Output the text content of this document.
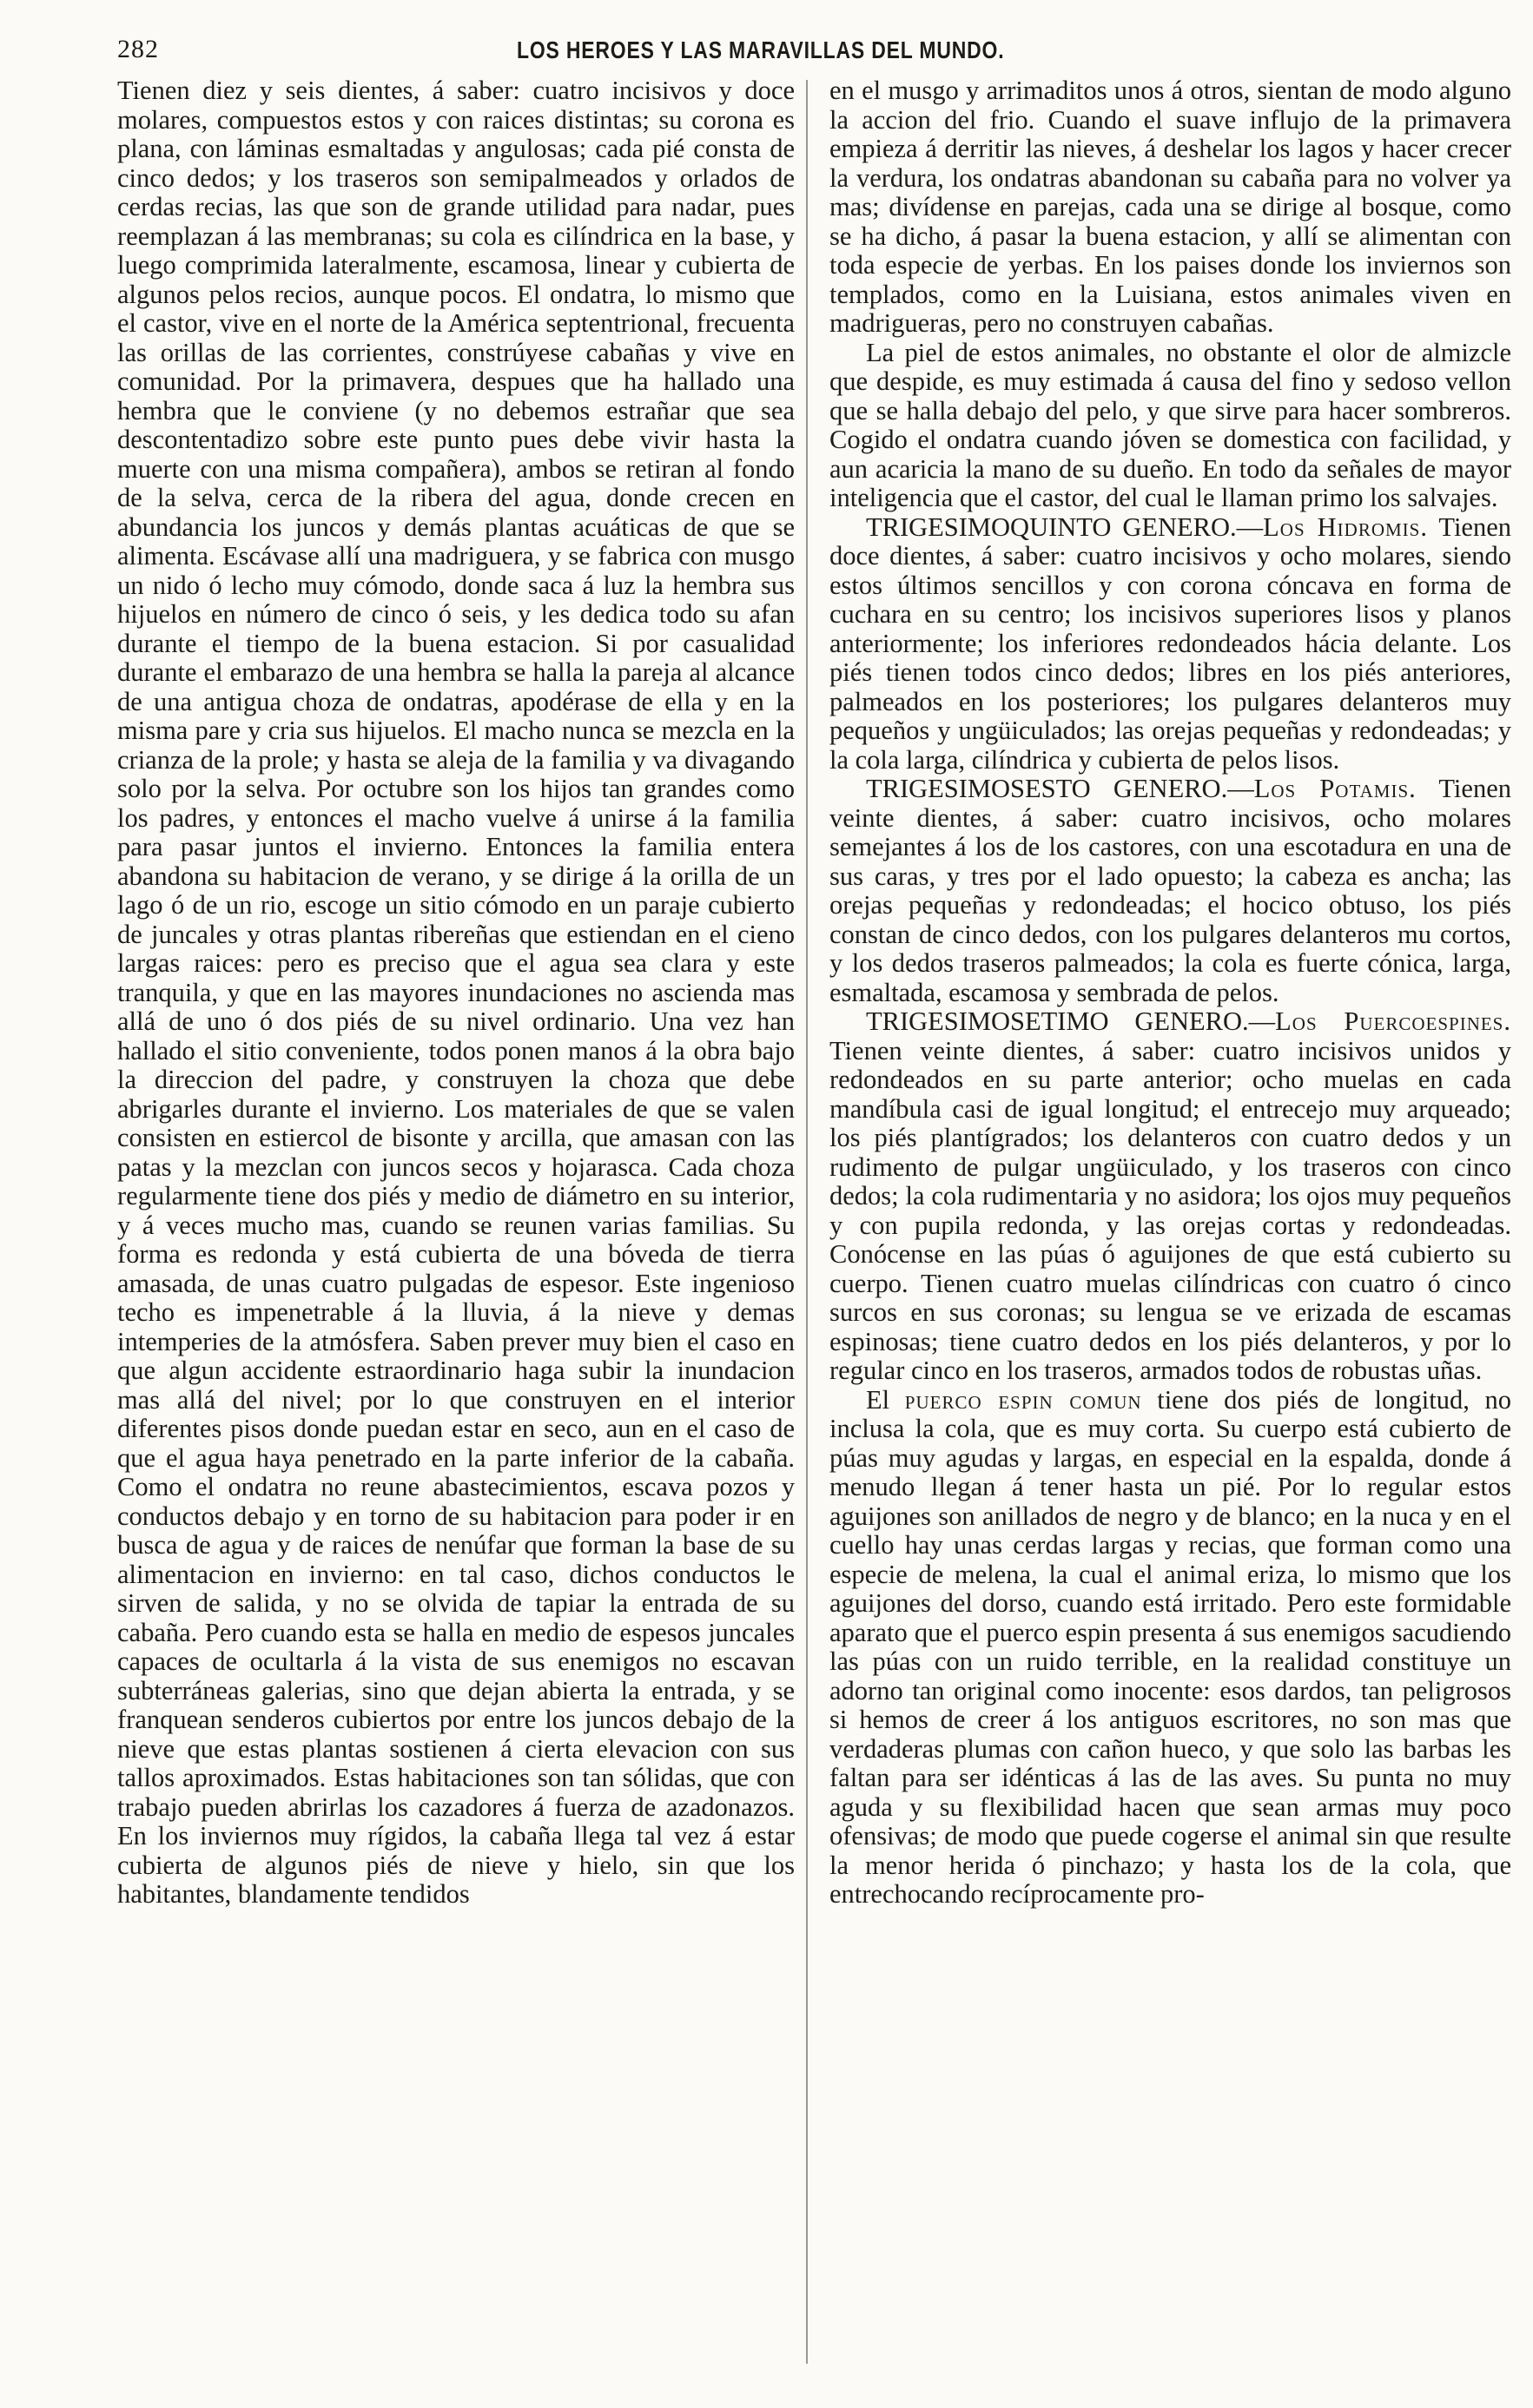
282	LOS HEROES Y LAS MARAVILLAS DEL MUNDO.

Tienen diez y seis dientes, á saber: cuatro incisivos y doce molares, compuestos estos y con raices distintas; su corona es plana, con láminas esmaltadas y angulosas; cada pié consta de cinco dedos; y los traseros son semipalmeados y orlados de cerdas recias, las que son de grande utilidad para nadar, pues reemplazan á las membranas; su cola es cilíndrica en la base, y luego comprimida lateralmente, escamosa, linear y cubierta de algunos pelos recios, aunque pocos. El ondatra, lo mismo que el castor, vive en el norte de la América septentrional, frecuenta las orillas de las corrientes, constrúyese cabañas y vive en comunidad. Por la primavera, despues que ha hallado una hembra que le conviene (y no debemos estrañar que sea descontentadizo sobre este punto pues debe vivir hasta la muerte con una misma compañera), ambos se retiran al fondo de la selva, cerca de la ribera del agua, donde crecen en abundancia los juncos y demás plantas acuáticas de que se alimenta. Escávase allí una madriguera, y se fabrica con musgo un nido ó lecho muy cómodo, donde saca á luz la hembra sus hijuelos en número de cinco ó seis, y les dedica todo su afan durante el tiempo de la buena estacion. Si por casualidad durante el embarazo de una hembra se halla la pareja al alcance de una antigua choza de ondatras, apodérase de ella y en la misma pare y cria sus hijuelos. El macho nunca se mezcla en la crianza de la prole; y hasta se aleja de la familia y va divagando solo por la selva. Por octubre son los hijos tan grandes como los padres, y entonces el macho vuelve á unirse á la familia para pasar juntos el invierno. Entonces la familia entera abandona su habitacion de verano, y se dirige á la orilla de un lago ó de un rio, escoge un sitio cómodo en un paraje cubierto de juncales y otras plantas ribereñas que estiendan en el cieno largas raices: pero es preciso que el agua sea clara y este tranquila, y que en las mayores inundaciones no ascienda mas allá de uno ó dos piés de su nivel ordinario. Una vez han hallado el sitio conveniente, todos ponen manos á la obra bajo la direccion del padre, y construyen la choza que debe abrigarles durante el invierno. Los materiales de que se valen consisten en estiercol de bisonte y arcilla, que amasan con las patas y la mezclan con juncos secos y hojarasca. Cada choza regularmente tiene dos piés y medio de diámetro en su interior, y á veces mucho mas, cuando se reunen varias familias. Su forma es redonda y está cubierta de una bóveda de tierra amasada, de unas cuatro pulgadas de espesor. Este ingenioso techo es impenetrable á la lluvia, á la nieve y demas intemperies de la atmósfera. Saben prever muy bien el caso en que algun accidente estraordinario haga subir la inundacion mas allá del nivel; por lo que construyen en el interior diferentes pisos donde puedan estar en seco, aun en el caso de que el agua haya penetrado en la parte inferior de la cabaña. Como el ondatra no reune abastecimientos, escava pozos y conductos debajo y en torno de su habitacion para poder ir en busca de agua y de raices de nenúfar que forman la base de su alimentacion en invierno: en tal caso, dichos conductos le sirven de salida, y no se olvida de tapiar la entrada de su cabaña. Pero cuando esta se halla en medio de espesos juncales capaces de ocultarla á la vista de sus enemigos no escavan subterráneas galerias, sino que dejan abierta la entrada, y se franquean senderos cubiertos por entre los juncos debajo de la nieve que estas plantas sostienen á cierta elevacion con sus tallos aproximados. Estas habitaciones son tan sólidas, que con trabajo pueden abrirlas los cazadores á fuerza de azadonazos. En los inviernos muy rígidos, la cabaña llega tal vez á estar cubierta de algunos piés de nieve y hielo, sin que los habitantes, blandamente tendidos

en el musgo y arrimaditos unos á otros, sientan de modo alguno la accion del frio. Cuando el suave influjo de la primavera empieza á derritir las nieves, á deshelar los lagos y hacer crecer la verdura, los ondatras abandonan su cabaña para no volver ya mas; divídense en parejas, cada una se dirige al bosque, como se ha dicho, á pasar la buena estacion, y allí se alimentan con toda especie de yerbas. En los paises donde los inviernos son templados, como en la Luisiana, estos animales viven en madrigueras, pero no construyen cabañas.

La piel de estos animales, no obstante el olor de almizcle que despide, es muy estimada á causa del fino y sedoso vellon que se halla debajo del pelo, y que sirve para hacer sombreros. Cogido el ondatra cuando jóven se domestica con facilidad, y aun acaricia la mano de su dueño. En todo da señales de mayor inteligencia que el castor, del cual le llaman primo los salvajes.

TRIGESIMOQUINTO GENERO.—Los Hidromis. Tienen doce dientes, á saber: cuatro incisivos y ocho molares, siendo estos últimos sencillos y con corona cóncava en forma de cuchara en su centro; los incisivos superiores lisos y planos anteriormente; los inferiores redondeados hácia delante. Los piés tienen todos cinco dedos; libres en los piés anteriores, palmeados en los posteriores; los pulgares delanteros muy pequeños y ungüiculados; las orejas pequeñas y redondeadas; y la cola larga, cilíndrica y cubierta de pelos lisos.

TRIGESIMOSESTO GENERO.—Los Potamis. Tienen veinte dientes, á saber: cuatro incisivos, ocho molares semejantes á los de los castores, con una escotadura en una de sus caras, y tres por el lado opuesto; la cabeza es ancha; las orejas pequeñas y redondeadas; el hocico obtuso, los piés constan de cinco dedos, con los pulgares delanteros mu cortos, y los dedos traseros palmeados; la cola es fuerte cónica, larga, esmaltada, escamosa y sembrada de pelos.

TRIGESIMOSETIMO GENERO.—Los Puercoespines. Tienen veinte dientes, á saber: cuatro incisivos unidos y redondeados en su parte anterior; ocho muelas en cada mandíbula casi de igual longitud; el entrecejo muy arqueado; los piés plantígrados; los delanteros con cuatro dedos y un rudimento de pulgar ungüiculado, y los traseros con cinco dedos; la cola rudimentaria y no asidora; los ojos muy pequeños y con pupila redonda, y las orejas cortas y redondeadas. Conócense en las púas ó aguijones de que está cubierto su cuerpo. Tienen cuatro muelas cilíndricas con cuatro ó cinco surcos en sus coronas; su lengua se ve erizada de escamas espinosas; tiene cuatro dedos en los piés delanteros, y por lo regular cinco en los traseros, armados todos de robustas uñas.

El puerco espin comun tiene dos piés de longitud, no inclusa la cola, que es muy corta. Su cuerpo está cubierto de púas muy agudas y largas, en especial en la espalda, donde á menudo llegan á tener hasta un pié. Por lo regular estos aguijones son anillados de negro y de blanco; en la nuca y en el cuello hay unas cerdas largas y recias, que forman como una especie de melena, la cual el animal eriza, lo mismo que los aguijones del dorso, cuando está irritado. Pero este formidable aparato que el puerco espin presenta á sus enemigos sacudiendo las púas con un ruido terrible, en la realidad constituye un adorno tan original como inocente: esos dardos, tan peligrosos si hemos de creer á los antiguos escritores, no son mas que verdaderas plumas con cañon hueco, y que solo las barbas les faltan para ser idénticas á las de las aves. Su punta no muy aguda y su flexibilidad hacen que sean armas muy poco ofensivas; de modo que puede cogerse el animal sin que resulte la menor herida ó pinchazo; y hasta los de la cola, que entrechocando recíprocamente pro-
